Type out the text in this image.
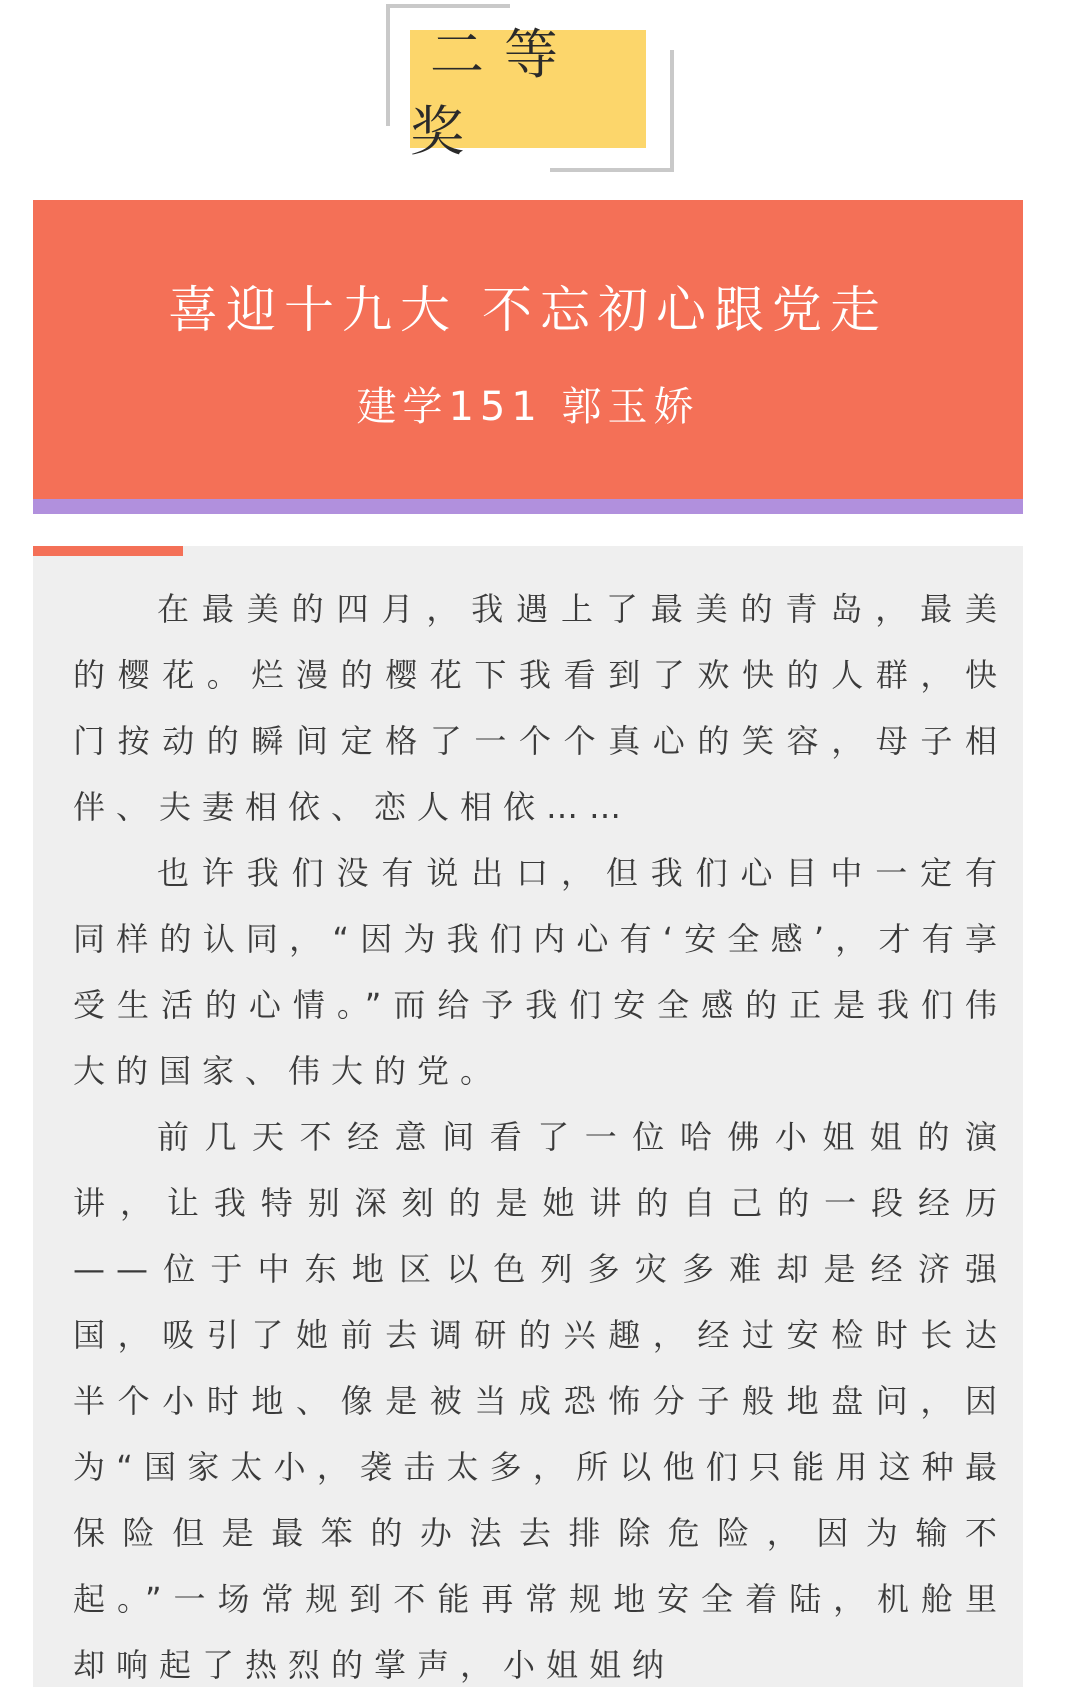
二等奖
喜迎十九大 不忘初心跟党走
建学151 郭玉娇

在最美的四月，我遇上了最美的青岛，最美的樱花。烂漫的樱花下我看到了欢快的人群，快门按动的瞬间定格了一个个真心的笑容，母子相伴、夫妻相依、恋人相依……

也许我们没有说出口，但我们心目中一定有同样的认同，“因为我们内心有‘安全感’，才有享受生活的心情。”而给予我们安全感的正是我们伟大的国家、伟大的党。

前几天不经意间看了一位哈佛小姐姐的演讲，让我特别深刻的是她讲的自己的一段经历——位于中东地区以色列多灾多难却是经济强国，吸引了她前去调研的兴趣，经过安检时长达半个小时地、像是被当成恐怖分子般地盘问，因为“国家太小，袭击太多，所以他们只能用这种最保险但是最笨的办法去排除危险，因为输不起。”一场常规到不能再常规地安全着陆，机舱里却响起了热烈的掌声，小姐姐纳
